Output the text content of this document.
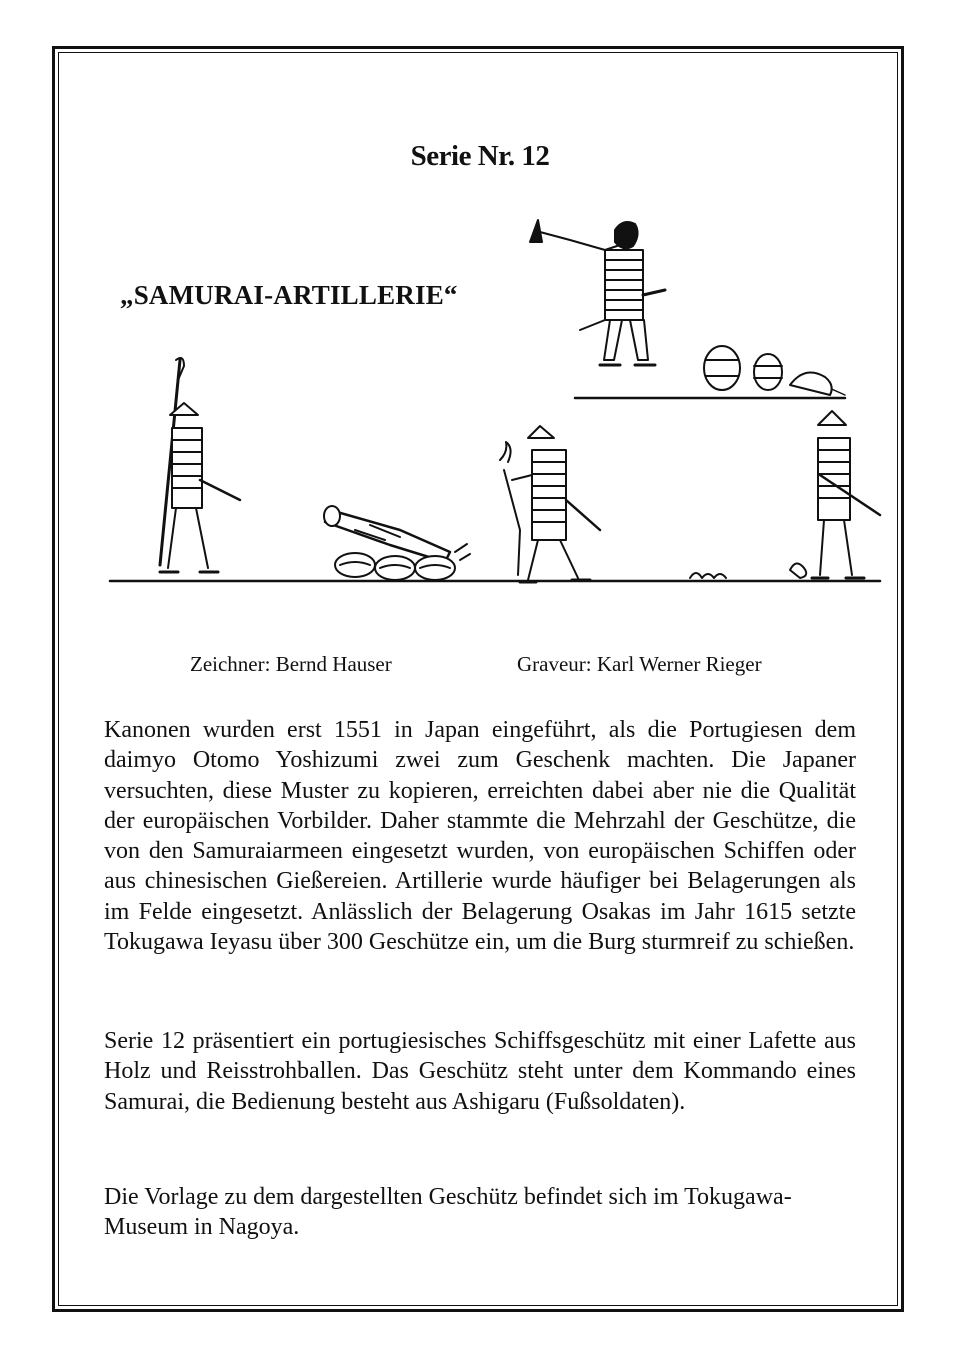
Serie Nr. 12
„SAMURAI-ARTILLERIE“
Zeichner: Bernd Hauser	Graveur: Karl Werner Rieger

Kanonen wurden erst 1551 in Japan eingeführt, als die Portugiesen dem daimyo Otomo Yoshizumi zwei zum Geschenk machten. Die Japaner versuchten, diese Muster zu kopieren, erreichten dabei aber nie die Qualität der europäischen Vorbilder. Daher stammte die Mehrzahl der Geschütze, die von den Samuraiarmeen eingesetzt wurden, von europäischen Schiffen oder aus chinesischen Gießereien. Artillerie wurde häufiger bei Belagerungen als im Felde eingesetzt. Anlässlich der Belagerung Osakas im Jahr 1615 setzte Tokugawa Ieyasu über 300 Geschütze ein, um die Burg sturmreif zu schießen.

Serie 12 präsentiert ein portugiesisches Schiffsgeschütz mit einer Lafette aus Holz und Reisstrohballen. Das Geschütz steht unter dem Kommando eines Samurai, die Bedienung besteht aus Ashigaru (Fußsoldaten).

Die Vorlage zu dem dargestellten Geschütz befindet sich im Tokugawa-Museum in Nagoya.
